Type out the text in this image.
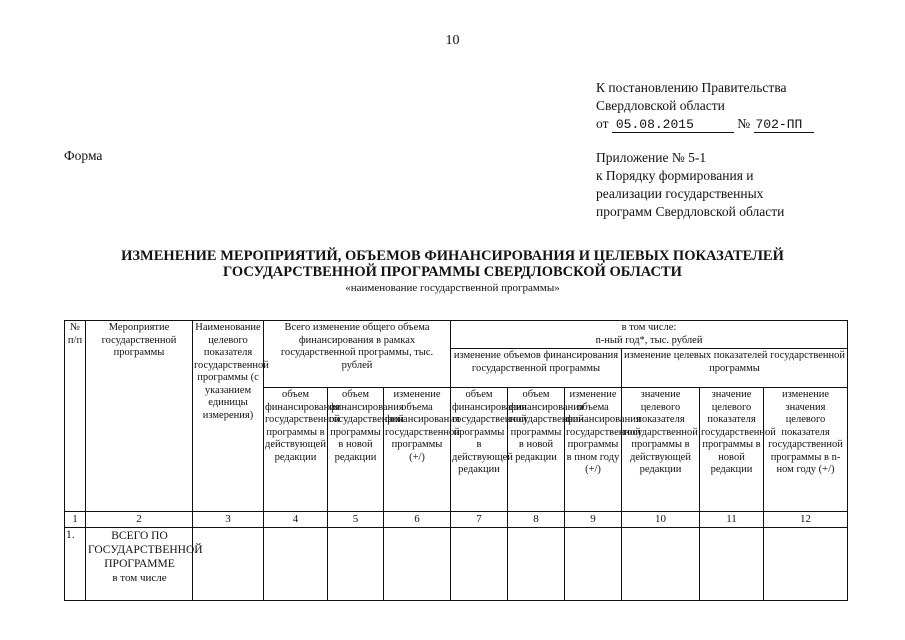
10
К постановлению Правительства
Свердловской области
от 05.08.2015	№ 702-ПП
Форма	Приложение № 5-1
к Порядку формирования и
реализации государственных
программ Свердловской области
ИЗМЕНЕНИЕ МЕРОПРИЯТИЙ, ОБЪЕМОВ ФИНАНСИРОВАНИЯ И ЦЕЛЕВЫХ ПОКАЗАТЕЛЕЙ
ГОСУДАРСТВЕННОЙ ПРОГРАММЫ СВЕРДЛОВСКОЙ ОБЛАСТИ
«наименование государственной программы»
№ п/п	Мероприятие государственной программы	Наименование целевого показателя государственной программы (с указанием единицы измерения)	Всего изменение общего объема финансирования в рамках государственной программы, тыс. рублей			в том числе:
n-ный год*, тыс. рублей					

						изменение объемов финансирования государственной программы			изменение целевых показателей государственной программы		
			объем финансирования государственной программы в действующей редакции	объем финансирования государственной программы в новой редакции	изменение объема финансирования государственной программы (+/)	объем финансирования государственной программы в действующей редакции	объем финансирования государственной программы в новой редакции	изменение объема финансирования государственной программы в пном году (+/)	значение целевого показателя государственной программы в действующей редакции	значение целевого показателя государственной программы в новой редакции	изменение значения целевого показателя государственной программы в n-ном году (+/)
1	2	3	4	5	6	7	8	9	10	11	12
1.	ВСЕГО ПО ГОСУДАРСТВЕННОЙ ПРОГРАММЕ
в том числе										
